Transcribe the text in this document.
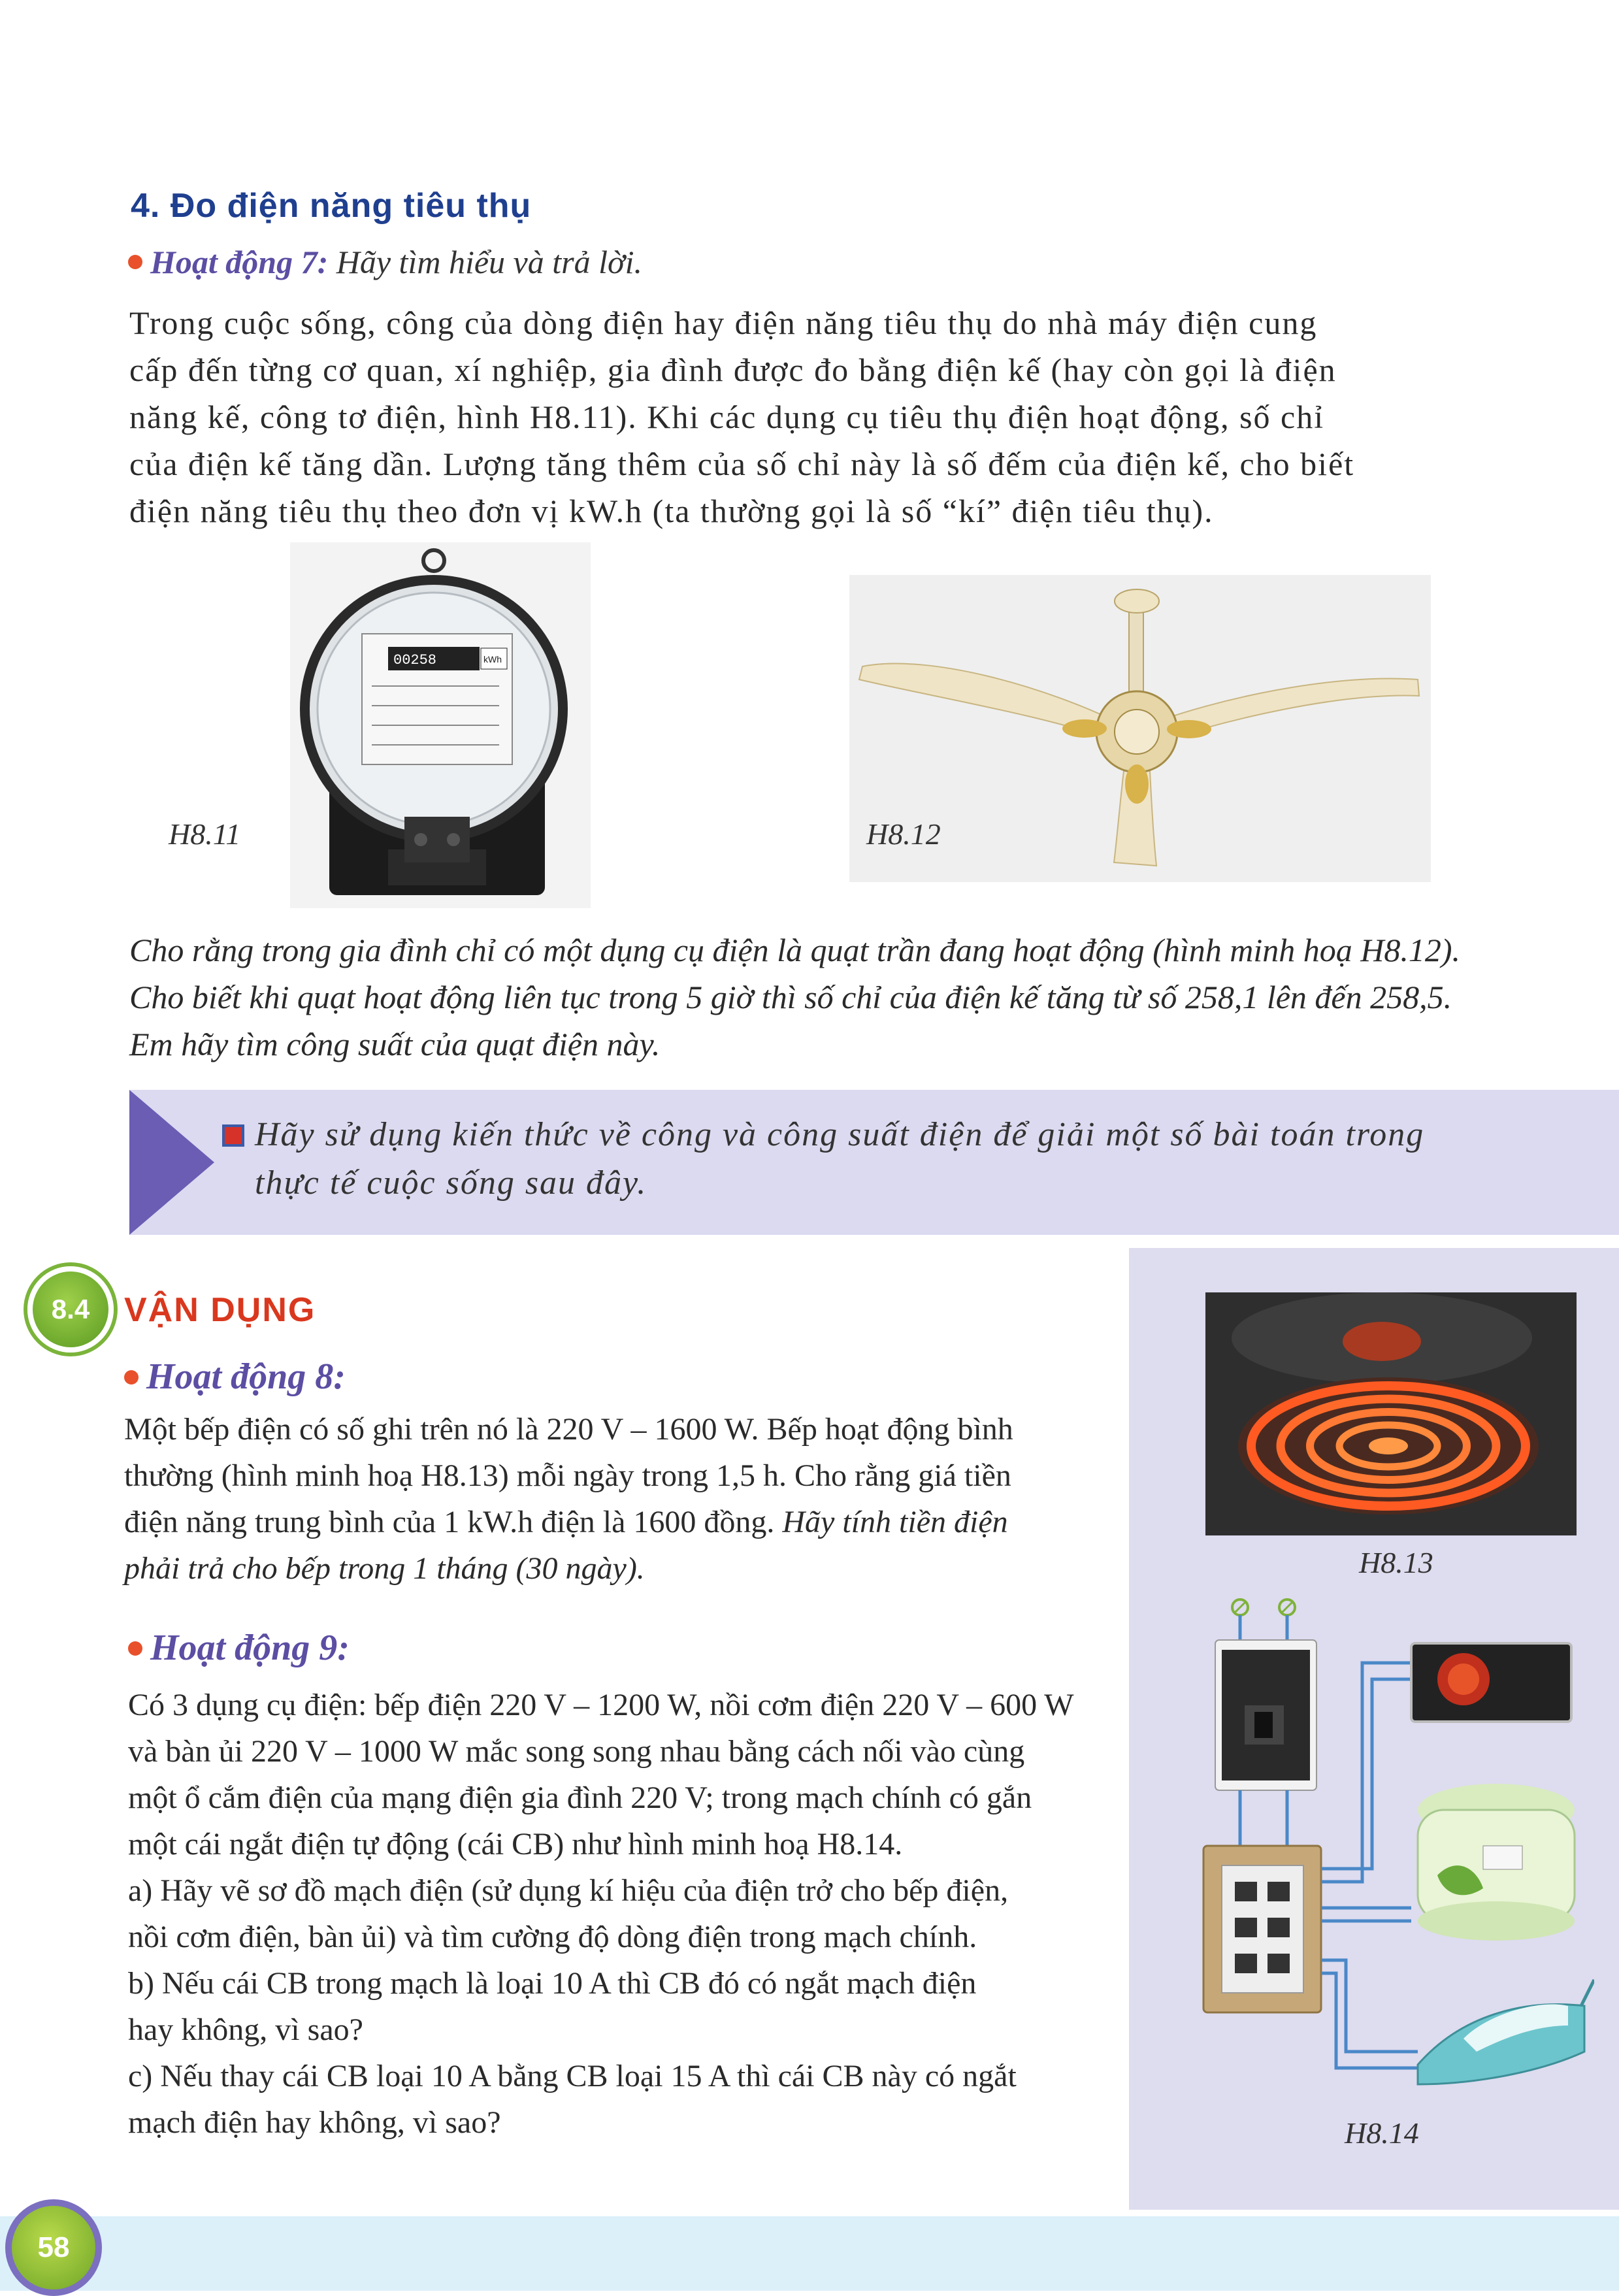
4. Đo điện năng tiêu thụ
Hoạt động 7: Hãy tìm hiểu và trả lời.
Trong cuộc sống, công của dòng điện hay điện năng tiêu thụ do nhà máy điện cung
cấp đến từng cơ quan, xí nghiệp, gia đình được đo bằng điện kế (hay còn gọi là điện
năng kế, công tơ điện, hình H8.11). Khi các dụng cụ tiêu thụ điện hoạt động, số chỉ
của điện kế tăng dần. Lượng tăng thêm của số chỉ này là số đếm của điện kế, cho biết
điện năng tiêu thụ theo đơn vị kW.h (ta thường gọi là số “kí” điện tiêu thụ).
00258	kWh
H8.11	H8.12
Cho rằng trong gia đình chỉ có một dụng cụ điện là quạt trần đang hoạt động (hình minh hoạ H8.12).
Cho biết khi quạt hoạt động liên tục trong 5 giờ thì số chỉ của điện kế tăng từ số 258,1 lên đến 258,5.
Em hãy tìm công suất của quạt điện này.
Hãy sử dụng kiến thức về công và công suất điện để giải một số bài toán trong
thực tế cuộc sống sau đây.
8.4	VẬN DỤNG
Hoạt động 8:
Một bếp điện có số ghi trên nó là 220 V – 1600 W. Bếp hoạt động bình
thường (hình minh hoạ H8.13) mỗi ngày trong 1,5 h. Cho rằng giá tiền
điện năng trung bình của 1 kW.h điện là 1600 đồng. Hãy tính tiền điện
phải trả cho bếp trong 1 tháng (30 ngày).
Hoạt động 9:
Có 3 dụng cụ điện: bếp điện 220 V – 1200 W, nồi cơm điện 220 V – 600 W
và bàn ủi 220 V – 1000 W mắc song song nhau bằng cách nối vào cùng
một ổ cắm điện của mạng điện gia đình 220 V; trong mạch chính có gắn
một cái ngắt điện tự động (cái CB) như hình minh hoạ H8.14.
a) Hãy vẽ sơ đồ mạch điện (sử dụng kí hiệu của điện trở cho bếp điện,
nồi cơm điện, bàn ủi) và tìm cường độ dòng điện trong mạch chính.
b) Nếu cái CB trong mạch là loại 10 A thì CB đó có ngắt mạch điện
hay không, vì sao?
c) Nếu thay cái CB loại 10 A bằng CB loại 15 A thì cái CB này có ngắt
mạch điện hay không, vì sao?
H8.13
H8.14
58
